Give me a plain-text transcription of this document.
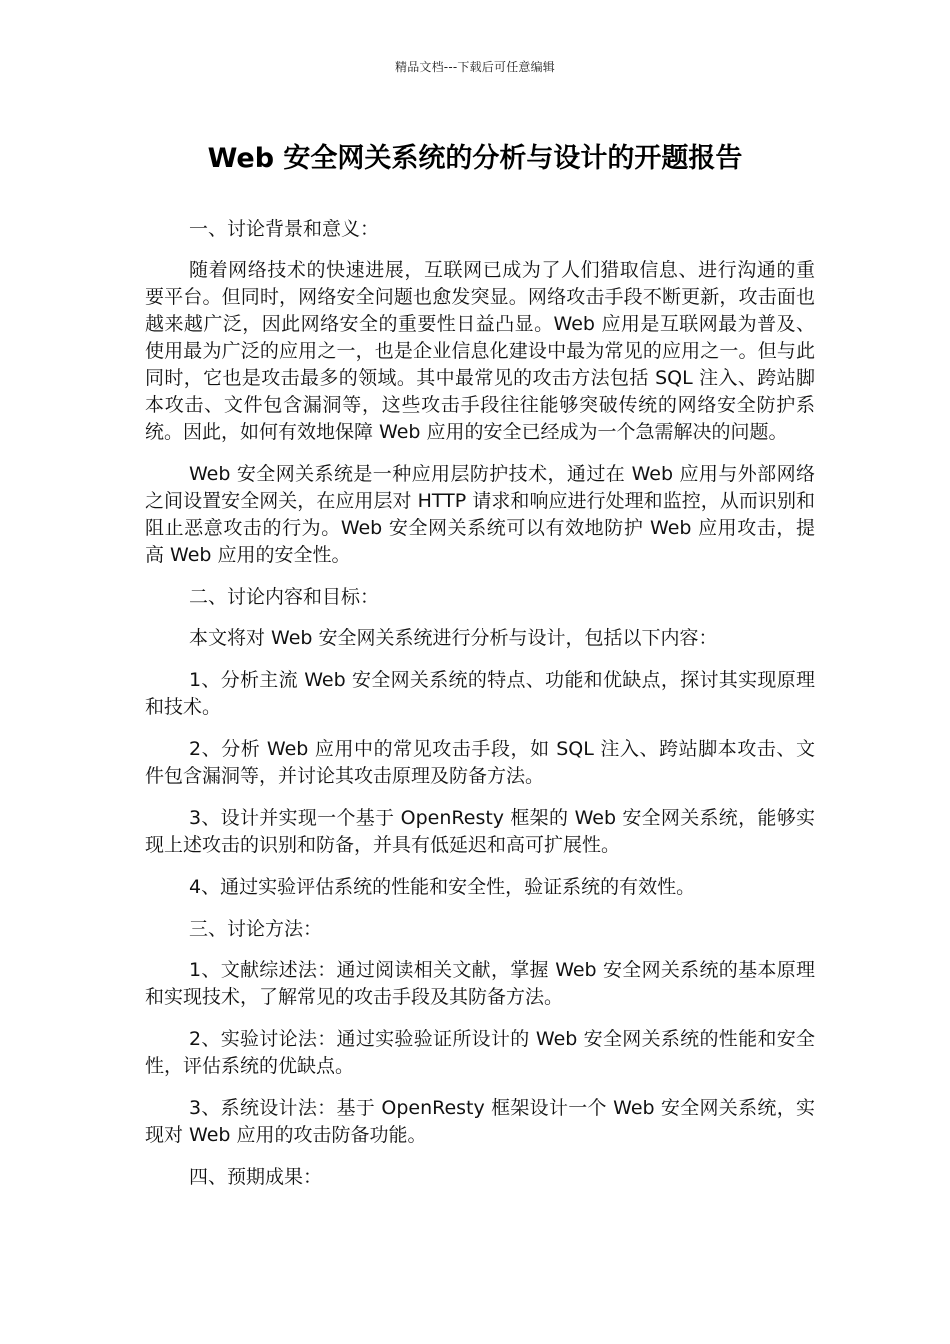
精品文档---下载后可任意编辑
Web 安全网关系统的分析与设计的开题报告

一、讨论背景和意义：

随着网络技术的快速进展，互联网已成为了人们猎取信息、进行沟通的重要平台。但同时，网络安全问题也愈发突显。网络攻击手段不断更新，攻击面也越来越广泛，因此网络安全的重要性日益凸显。Web 应用是互联网最为普及、使用最为广泛的应用之一，也是企业信息化建设中最为常见的应用之一。但与此同时，它也是攻击最多的领域。其中最常见的攻击方法包括 SQL 注入、跨站脚本攻击、文件包含漏洞等，这些攻击手段往往能够突破传统的网络安全防护系统。因此，如何有效地保障 Web 应用的安全已经成为一个急需解决的问题。

Web 安全网关系统是一种应用层防护技术，通过在 Web 应用与外部网络之间设置安全网关，在应用层对 HTTP 请求和响应进行处理和监控，从而识别和阻止恶意攻击的行为。Web 安全网关系统可以有效地防护 Web 应用攻击，提高 Web 应用的安全性。

二、讨论内容和目标：

本文将对 Web 安全网关系统进行分析与设计，包括以下内容：

1、分析主流 Web 安全网关系统的特点、功能和优缺点，探讨其实现原理和技术。

2、分析 Web 应用中的常见攻击手段，如 SQL 注入、跨站脚本攻击、文件包含漏洞等，并讨论其攻击原理及防备方法。

3、设计并实现一个基于 OpenResty 框架的 Web 安全网关系统，能够实现上述攻击的识别和防备，并具有低延迟和高可扩展性。

4、通过实验评估系统的性能和安全性，验证系统的有效性。

三、讨论方法：

1、文献综述法：通过阅读相关文献，掌握 Web 安全网关系统的基本原理和实现技术，了解常见的攻击手段及其防备方法。

2、实验讨论法：通过实验验证所设计的 Web 安全网关系统的性能和安全性，评估系统的优缺点。

3、系统设计法：基于 OpenResty 框架设计一个 Web 安全网关系统，实现对 Web 应用的攻击防备功能。

四、预期成果：
